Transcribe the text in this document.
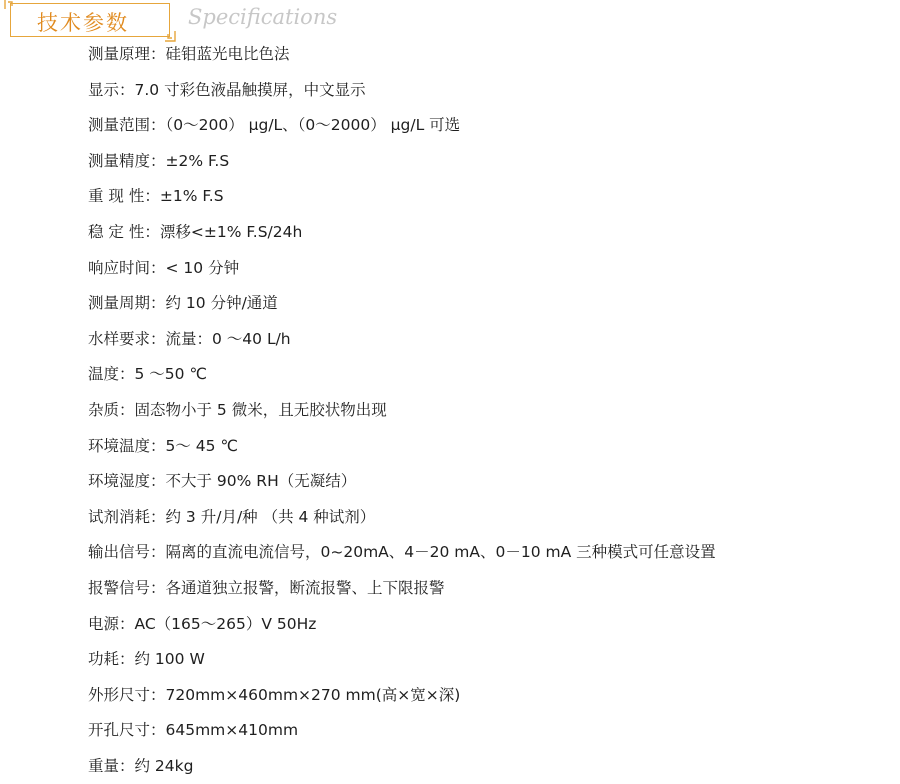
技术参数	Specifications
测量原理：硅钼蓝光电比色法
显示：7.0 寸彩色液晶触摸屏，中文显示
测量范围：（0～200） μg/L、（0～2000） μg/L 可选
测量精度：±2% F.S
重 现 性：±1% F.S
稳 定 性：漂移<±1% F.S/24h
响应时间：< 10 分钟
测量周期：约 10 分钟/通道
水样要求：流量：0 ～40 L/h
温度：5 ～50 ℃
杂质：固态物小于 5 微米，且无胶状物出现
环境温度：5～ 45 ℃
环境湿度：不大于 90% RH（无凝结）
试剂消耗：约 3 升/月/种 （共 4 种试剂）
输出信号：隔离的直流电流信号，0~20mA、4－20 mA、0－10 mA 三种模式可任意设置
报警信号：各通道独立报警，断流报警、上下限报警
电源：AC（165～265）V 50Hz
功耗：约 100 W
外形尺寸：720mm×460mm×270 mm(高×宽×深)
开孔尺寸：645mm×410mm
重量：约 24kg
